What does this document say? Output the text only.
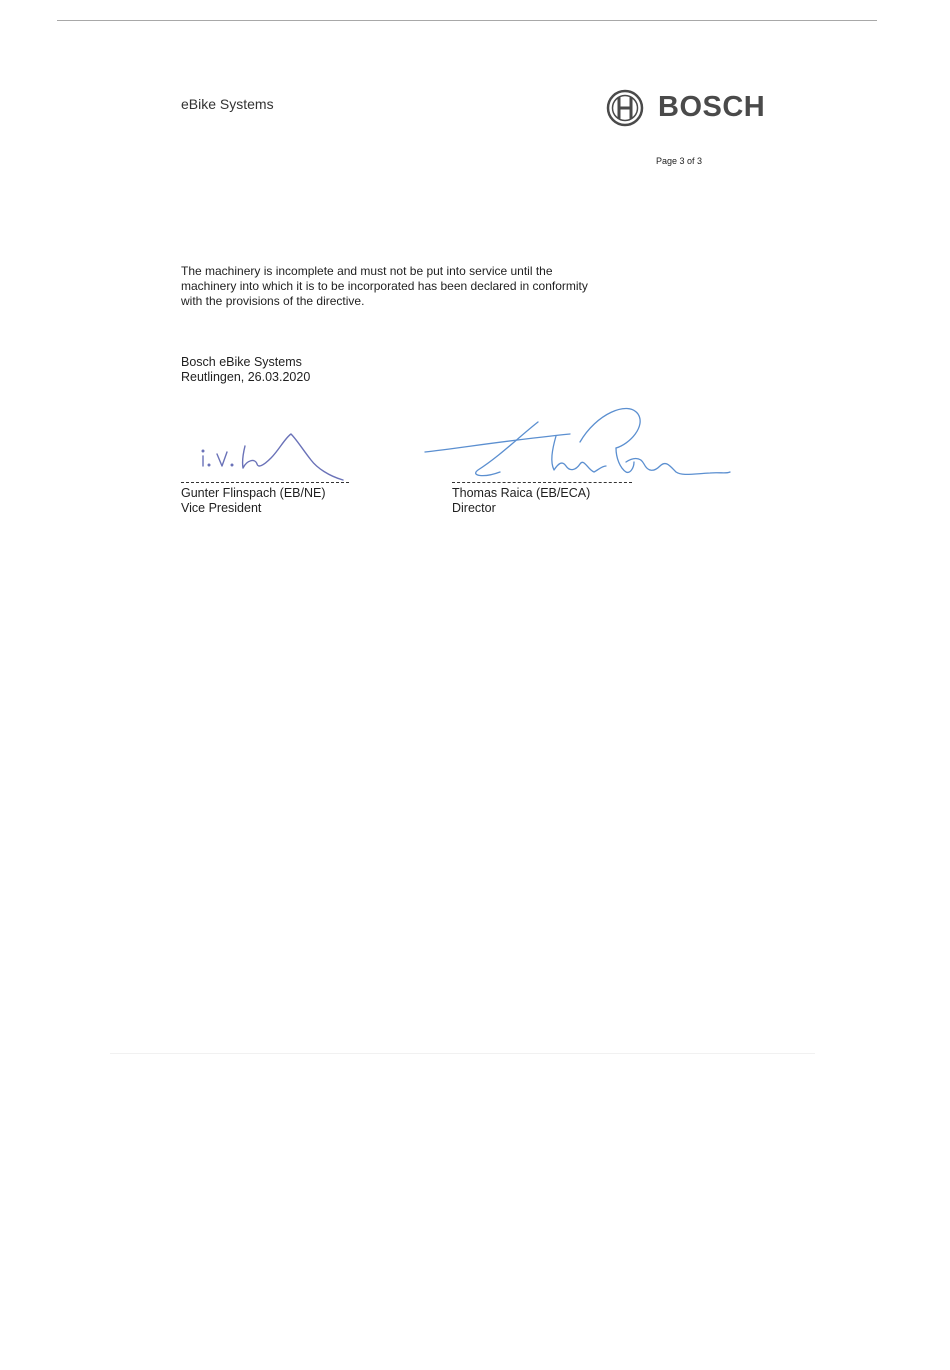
eBike Systems	BOSCH
Page 3 of 3
The machinery is incomplete and must not be put into service until the
machinery into which it is to be incorporated has been declared in conformity
with the provisions of the directive.
Bosch eBike Systems
Reutlingen, 26.03.2020
Gunter Flinspach (EB/NE)
Vice President
Thomas Raica (EB/ECA)
Director
